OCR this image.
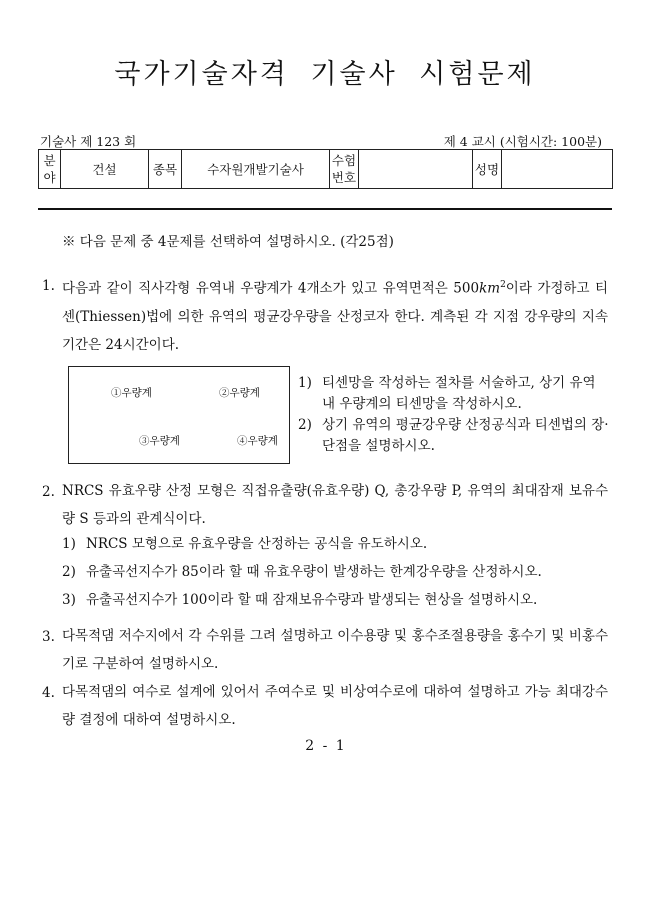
국가기술자격 기술사 시험문제
기술사 제 123 회	제 4 교시 (시험시간: 100분)
분야	건설	종목	수자원개발기술사	수험번호		성명	
※ 다음 문제 중 4문제를 선택하여 설명하시오. (각25점)
1. 다음과 같이 직사각형 유역내 우량계가 4개소가 있고 유역면적은 $500km^2$이라 가정하고 티센(Thiessen)법에 의한 유역의 평균강우량을 산정코자 한다. 계측된 각 지점 강우량의 지속기간은 24시간이다.
①우량계	②우량계
③우량계	④우량계
1) 티센망을 작성하는 절차를 서술하고, 상기 유역 내 우량계의 티센망을 작성하시오.
2) 상기 유역의 평균강우량 산정공식과 티센법의 장·단점을 설명하시오.
2. NRCS 유효우량 산정 모형은 직접유출량(유효우량) Q, 총강우량 P, 유역의 최대잠재 보유수량 S 등과의 관계식이다.
1) NRCS 모형으로 유효우량을 산정하는 공식을 유도하시오.
2) 유출곡선지수가 85이라 할 때 유효우량이 발생하는 한계강우량을 산정하시오.
3) 유출곡선지수가 100이라 할 때 잠재보유수량과 발생되는 현상을 설명하시오.
3. 다목적댐 저수지에서 각 수위를 그려 설명하고 이수용량 및 홍수조절용량을 홍수기 및 비홍수기로 구분하여 설명하시오.
4. 다목적댐의 여수로 설계에 있어서 주여수로 및 비상여수로에 대하여 설명하고 가능 최대강수량 결정에 대하여 설명하시오.
2 - 1
